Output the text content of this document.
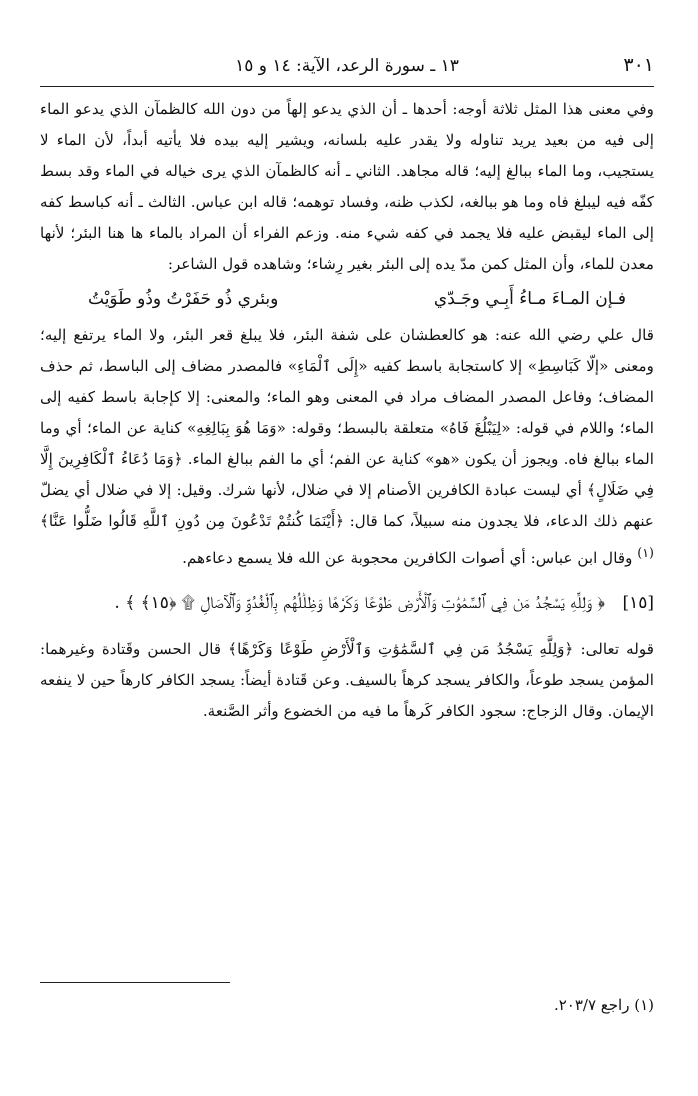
٣٠١
١٣ ـ سورة الرعد، الآية: ١٤ و ١٥

وفي معنى هذا المثل ثلاثة أوجه: أحدها ـ أن الذي يدعو إلهاً من دون الله كالظمآن الذي يدعو الماء إلى فيه من بعيد يريد تناوله ولا يقدر عليه بلسانه، ويشير إليه بيده فلا يأتيه أبداً، لأن الماء لا يستجيب، وما الماء ببالغ إليه؛ قاله مجاهد. الثاني ـ أنه كالظمآن الذي يرى خياله في الماء وقد بسط كفّه فيه ليبلغ فاه وما هو ببالغه، لكذب ظنه، وفساد توهمه؛ قاله ابن عباس. الثالث ـ أنه كباسط كفه إلى الماء ليقبض عليه فلا يجمد في كفه شيء منه. وزعم الفراء أن المراد بالماء ها هنا البئر؛ لأنها معدن للماء، وأن المثل كمن مدّ يده إلى البئر بغير رِشاء؛ وشاهده قول الشاعر:

فـإن المـاءَ مـاءُ أَبِـي وجَـدّي
وبئري ذُو حَفَرْتُ وذُو طَوَيْتُ

قال علي رضي الله عنه: هو كالعطشان على شفة البئر، فلا يبلغ قعر البئر، ولا الماء يرتفع إليه؛ ومعنى «إلّا كَبَاسِطِ» إلا كاستجابة باسط كفيه «إِلَى ٱلْمَاءِ» فالمصدر مضاف إلى الباسط، ثم حذف المضاف؛ وفاعل المصدر المضاف مراد في المعنى وهو الماء؛ والمعنى: إلا كإجابة باسط كفيه إلى الماء؛ واللام في قوله: «لِيَبْلُغَ فَاهُ» متعلقة بالبسط؛ وقوله: «وَمَا هُوَ بِبَالِغِهِ» كناية عن الماء؛ أي وما الماء ببالغ فاه. ويجوز أن يكون «هو» كناية عن الفم؛ أي ما الفم ببالغ الماء. ﴿وَمَا دُعَاءُ ٱلْكَافِرِينَ إِلَّا فِي ضَلَالٍ﴾ أي ليست عبادة الكافرين الأصنام إلا في ضلال، لأنها شرك. وقيل: إلا في ضلال أي يضلّ عنهم ذلك الدعاء، فلا يجدون منه سبيلاً، كما قال: ﴿أَيْنَمَا كُنتُمْ تَدْعُونَ مِن دُونِ ٱللَّهِ قَالُوا ضَلُّوا عَنَّا﴾$^{(١)}$ وقال ابن عباس: أي أصوات الكافرين محجوبة عن الله فلا يسمع دعاءهم.

[١٥] ﴿ وَلِلَّهِ يَسْجُدُ مَن فِي ٱلسَّمَٰوَٰتِ وَٱلْأَرْضِ طَوْعًا وَكَرْهًا وَظِلَٰلُهُم بِٱلْغُدُوِّ وَٱلْآصَالِ ۩ ﴿١٥﴾ ﴾ .

قوله تعالى: ﴿وَلِلَّهِ يَسْجُدُ مَن فِي ٱلسَّمَٰوَٰتِ وَٱلْأَرْضِ طَوْعًا وَكَرْهًا﴾ قال الحسن وقَتادة وغيرهما: المؤمن يسجد طوعاً، والكافر يسجد كرهاً بالسيف. وعن قَتادة أيضاً: يسجد الكافر كارهاً حين لا ينفعه الإيمان. وقال الزجاج: سجود الكافر كَرهاً ما فيه من الخضوع وأثر الصَّنعة.

(١) راجع ٢٠٣/٧.
